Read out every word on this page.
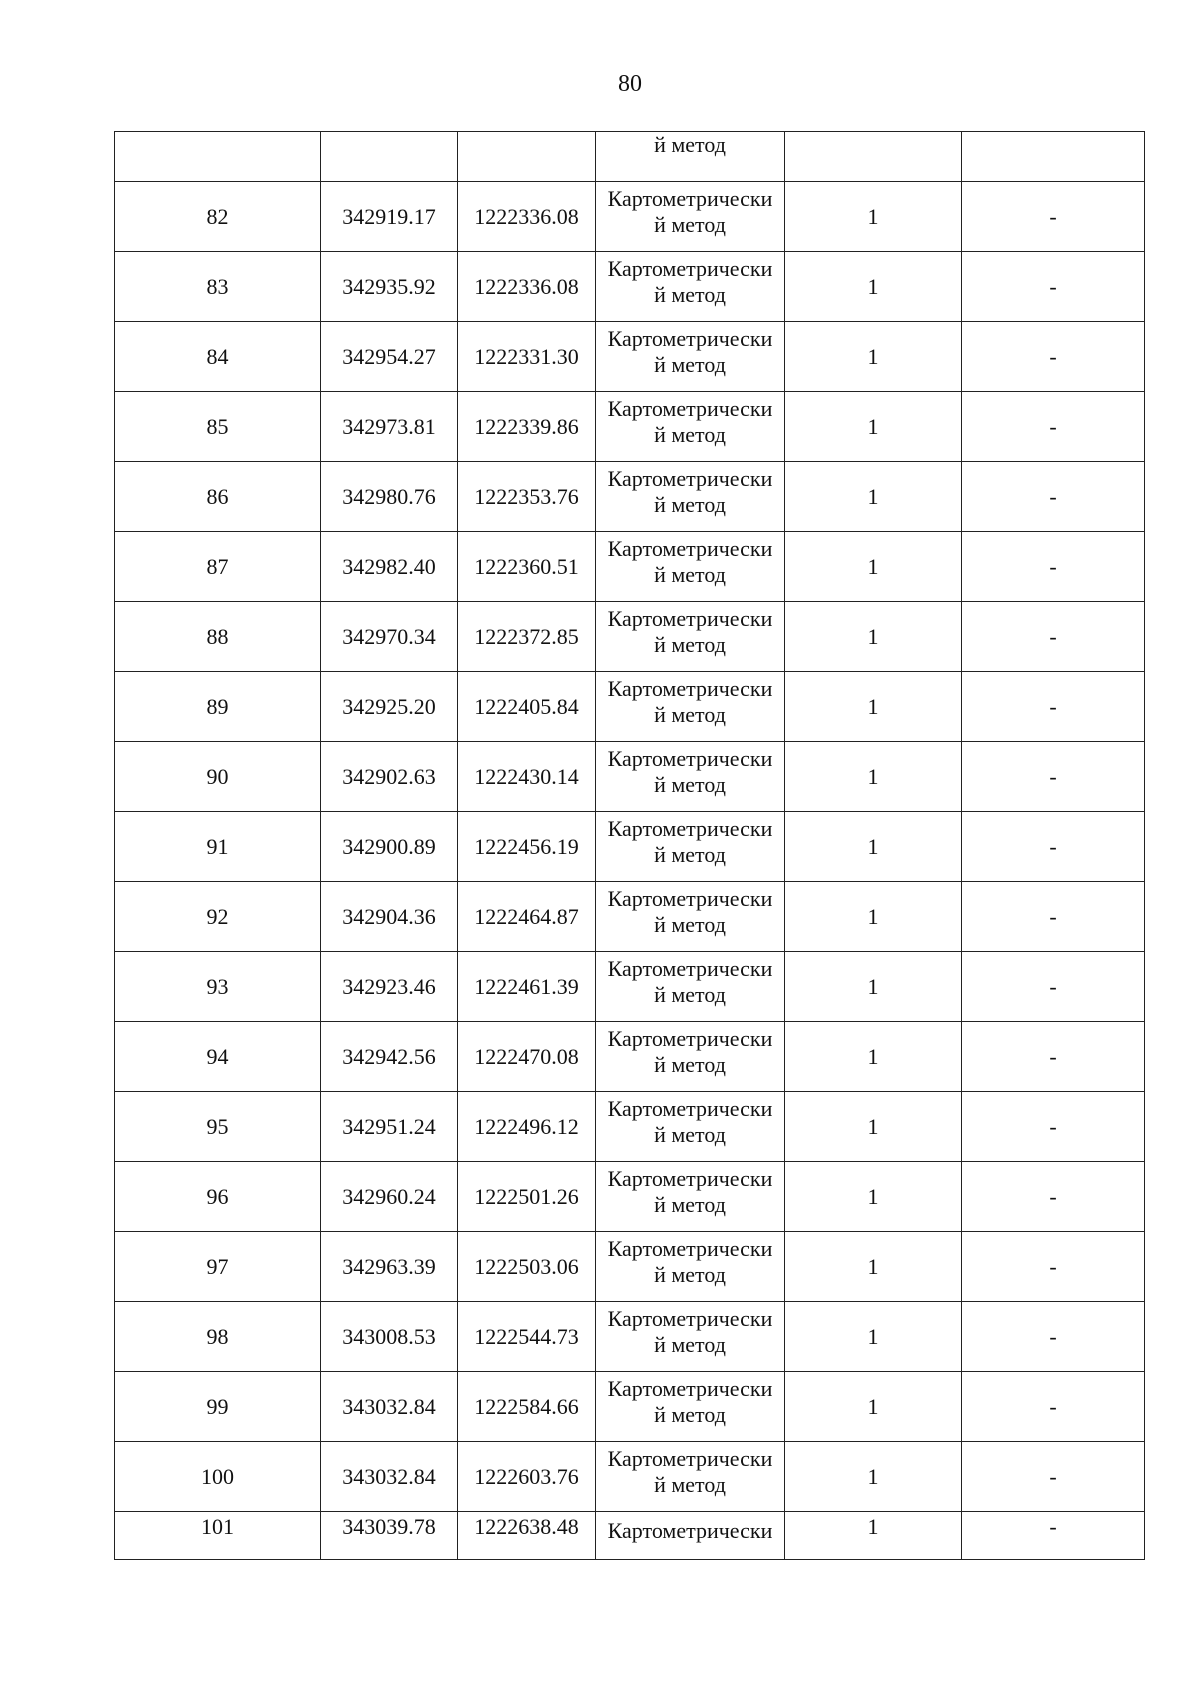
80

			й метод		

82	342919.17	1222336.08	Картометрически
й метод	1	-
83	342935.92	1222336.08	Картометрически
й метод	1	-
84	342954.27	1222331.30	Картометрически
й метод	1	-
85	342973.81	1222339.86	Картометрически
й метод	1	-
86	342980.76	1222353.76	Картометрически
й метод	1	-
87	342982.40	1222360.51	Картометрически
й метод	1	-
88	342970.34	1222372.85	Картометрически
й метод	1	-
89	342925.20	1222405.84	Картометрически
й метод	1	-
90	342902.63	1222430.14	Картометрически
й метод	1	-
91	342900.89	1222456.19	Картометрически
й метод	1	-
92	342904.36	1222464.87	Картометрически
й метод	1	-
93	342923.46	1222461.39	Картометрически
й метод	1	-
94	342942.56	1222470.08	Картометрически
й метод	1	-
95	342951.24	1222496.12	Картометрически
й метод	1	-
96	342960.24	1222501.26	Картометрически
й метод	1	-
97	342963.39	1222503.06	Картометрически
й метод	1	-
98	343008.53	1222544.73	Картометрически
й метод	1	-
99	343032.84	1222584.66	Картометрически
й метод	1	-
100	343032.84	1222603.76	Картометрически
й метод	1	-
101	343039.78	1222638.48	Картометрически	1	-
